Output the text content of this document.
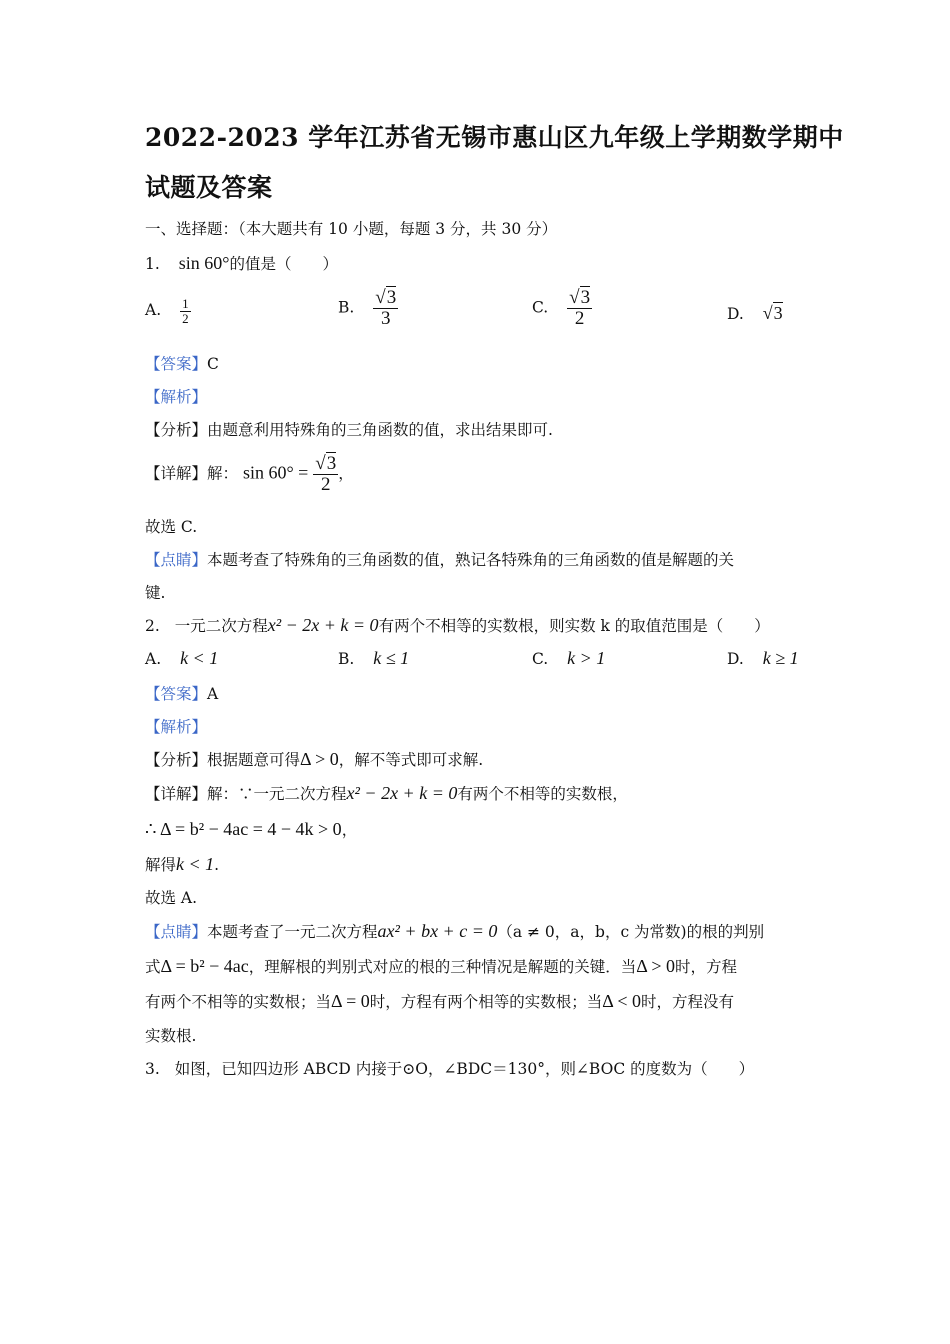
2022-2023 学年江苏省无锡市惠山区九年级上学期数学期中
试题及答案
一、选择题：（本大题共有 10 小题，每题 3 分，共 30 分）
1. sin 60°的值是（　　）
A. $\frac{1}{2}$	B. $\frac{√3}{3}$	C. $\frac{√3}{2}$	D. √3
【答案】C
【解析】
【分析】由题意利用特殊角的三角函数的值，求出结果即可.
【详解】解： $\sin 60^\circ = \frac{√3}{2}$ ，
故选 C.
【点睛】本题考查了特殊角的三角函数的值，熟记各特殊角的三角函数的值是解题的关
键.
2. 一元二次方程x² − 2x + k = 0有两个不相等的实数根，则实数 k 的取值范围是（　　）
A. k < 1	B. k ≤ 1	C. k > 1	D. k ≥ 1
【答案】A
【解析】
【分析】根据题意可得Δ > 0，解不等式即可求解.
【详解】解：∵一元二次方程x² − 2x + k = 0有两个不相等的实数根，
∴ Δ = b² − 4ac = 4 − 4k > 0，
解得k < 1.
故选 A.
【点睛】本题考查了一元二次方程ax² + bx + c = 0（a ≠ 0，a，b，c 为常数)的根的判别
式Δ = b² − 4ac，理解根的判别式对应的根的三种情况是解题的关键．当Δ > 0时，方程
有两个不相等的实数根；当Δ = 0时，方程有两个相等的实数根；当Δ < 0时，方程没有
实数根.
3. 如图，已知四边形 ABCD 内接于⊙O，∠BDC＝130°，则∠BOC 的度数为（　　）
